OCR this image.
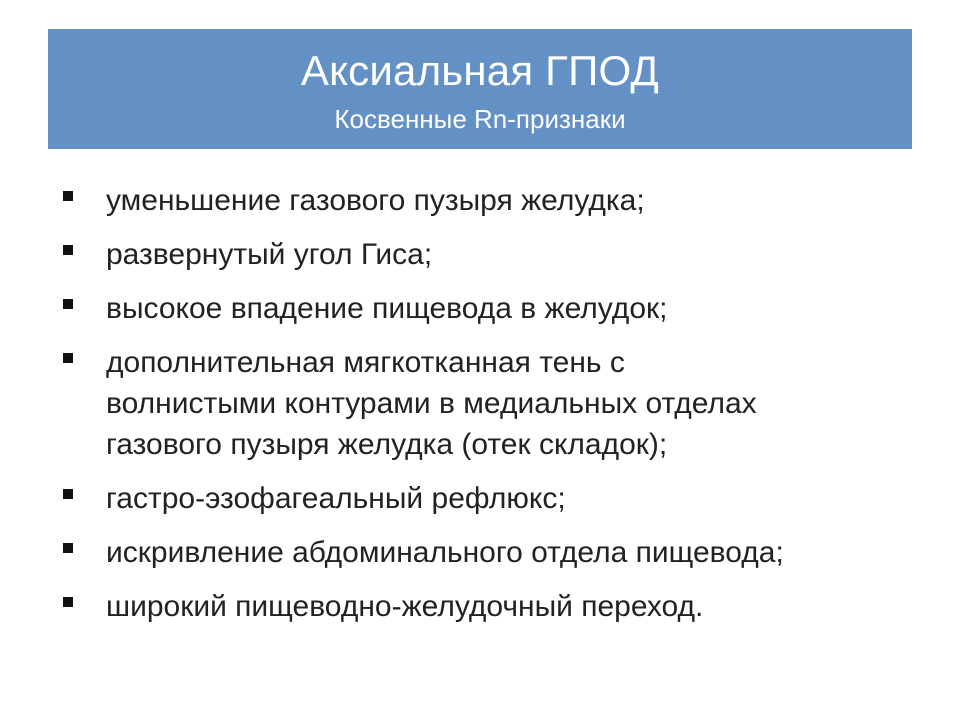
Аксиальная ГПОД
Косвенные Rn-признаки
уменьшение газового пузыря желудка;
развернутый угол Гиса;
высокое впадение пищевода в желудок;
дополнительная мягкотканная тень с
волнистыми контурами в медиальных отделах
газового пузыря желудка (отек складок);
гастро-эзофагеальный рефлюкс;
искривление абдоминального отдела пищевода;
широкий пищеводно-желудочный переход.
